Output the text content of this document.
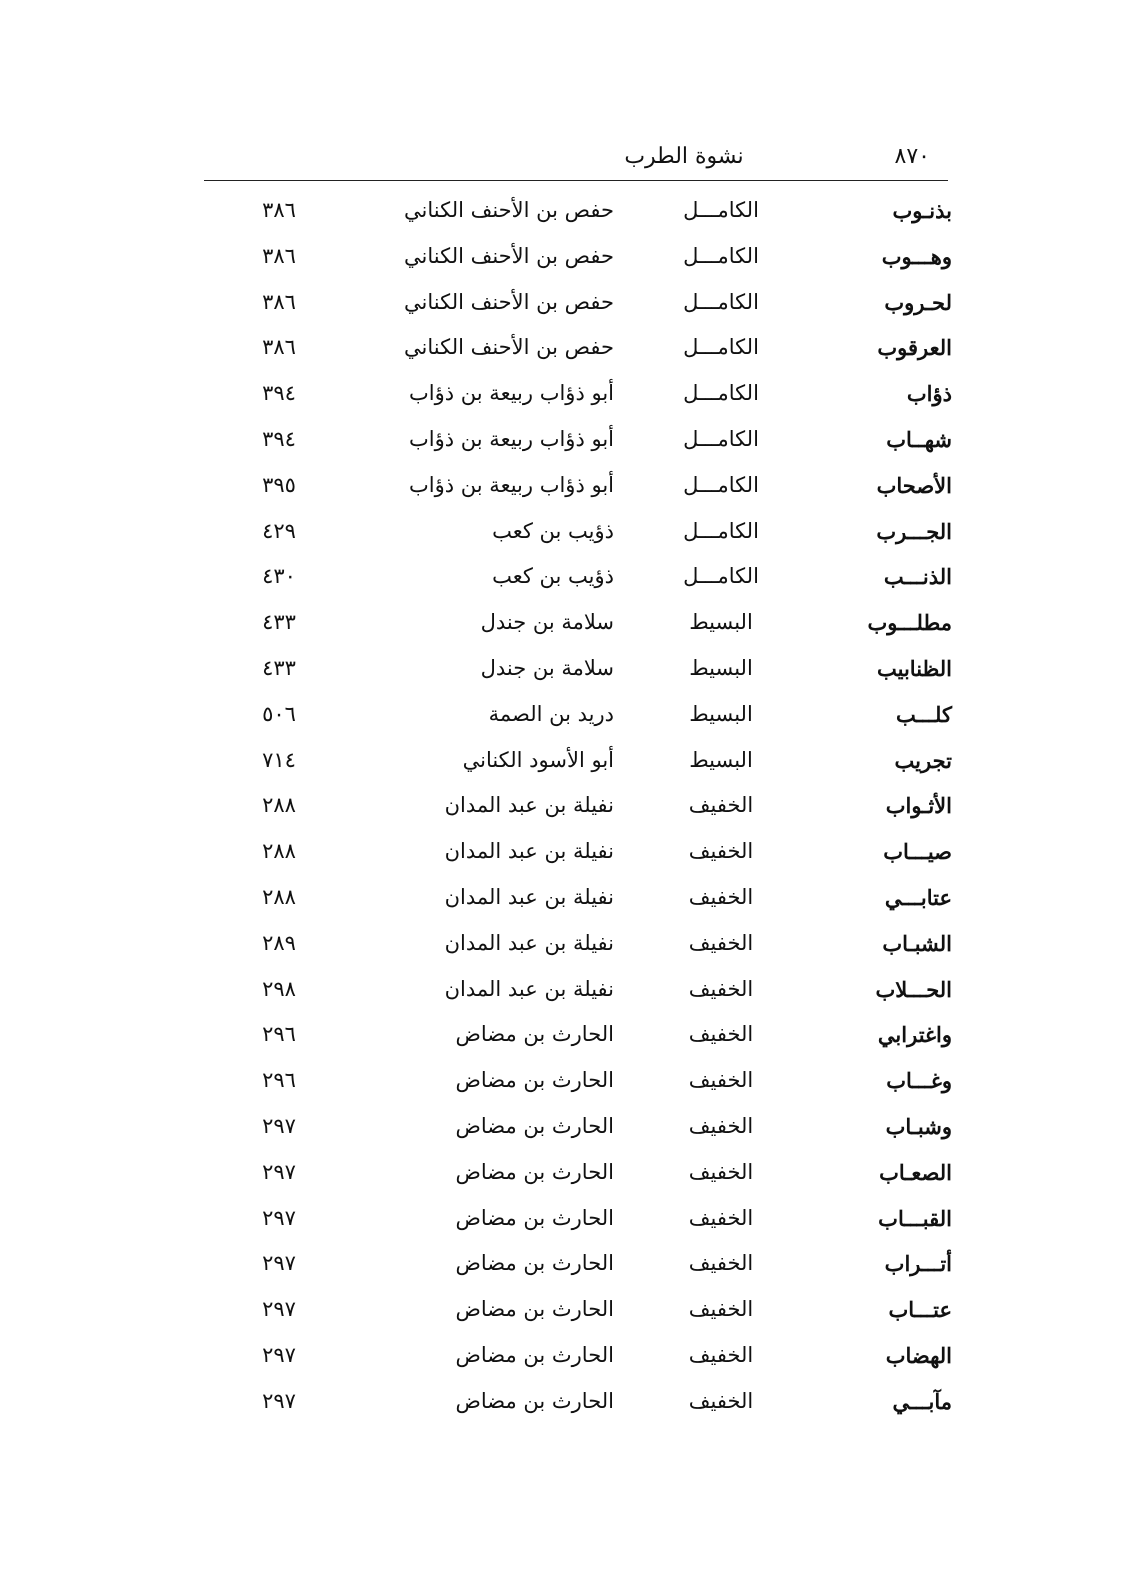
٨٧٠
نشوة الطرب
بذنـوب
الكامـــل
حفص بن الأحنف الكناني
٣٨٦
وهـــوب
الكامـــل
حفص بن الأحنف الكناني
٣٨٦
لحـروب
الكامـــل
حفص بن الأحنف الكناني
٣٨٦
العرقوب
الكامـــل
حفص بن الأحنف الكناني
٣٨٦
ذؤاب
الكامـــل
أبو ذؤاب ربيعة بن ذؤاب
٣٩٤
شهــاب
الكامـــل
أبو ذؤاب ربيعة بن ذؤاب
٣٩٤
الأصحاب
الكامـــل
أبو ذؤاب ربيعة بن ذؤاب
٣٩٥
الجـــرب
الكامـــل
ذؤيب بن كعب
٤٢٩
الذنـــب
الكامـــل
ذؤيب بن كعب
٤٣٠
مطلـــوب
البسيط
سلامة بن جندل
٤٣٣
الظنابيب
البسيط
سلامة بن جندل
٤٣٣
كلـــب
البسيط
دريد بن الصمة
٥٠٦
تجريب
البسيط
أبو الأسود الكناني
٧١٤
الأثـواب
الخفيف
نفيلة بن عبد المدان
٢٨٨
صيـــاب
الخفيف
نفيلة بن عبد المدان
٢٨٨
عتابـــي
الخفيف
نفيلة بن عبد المدان
٢٨٨
الشبـاب
الخفيف
نفيلة بن عبد المدان
٢٨٩
الحـــلاب
الخفيف
نفيلة بن عبد المدان
٢٩٨
واغترابي
الخفيف
الحارث بن مضاض
٢٩٦
وغـــاب
الخفيف
الحارث بن مضاض
٢٩٦
وشبـاب
الخفيف
الحارث بن مضاض
٢٩٧
الصعـاب
الخفيف
الحارث بن مضاض
٢٩٧
القبـــاب
الخفيف
الحارث بن مضاض
٢٩٧
أتـــراب
الخفيف
الحارث بن مضاض
٢٩٧
عتـــاب
الخفيف
الحارث بن مضاض
٢٩٧
الهضاب
الخفيف
الحارث بن مضاض
٢٩٧
مآبـــي
الخفيف
الحارث بن مضاض
٢٩٧
